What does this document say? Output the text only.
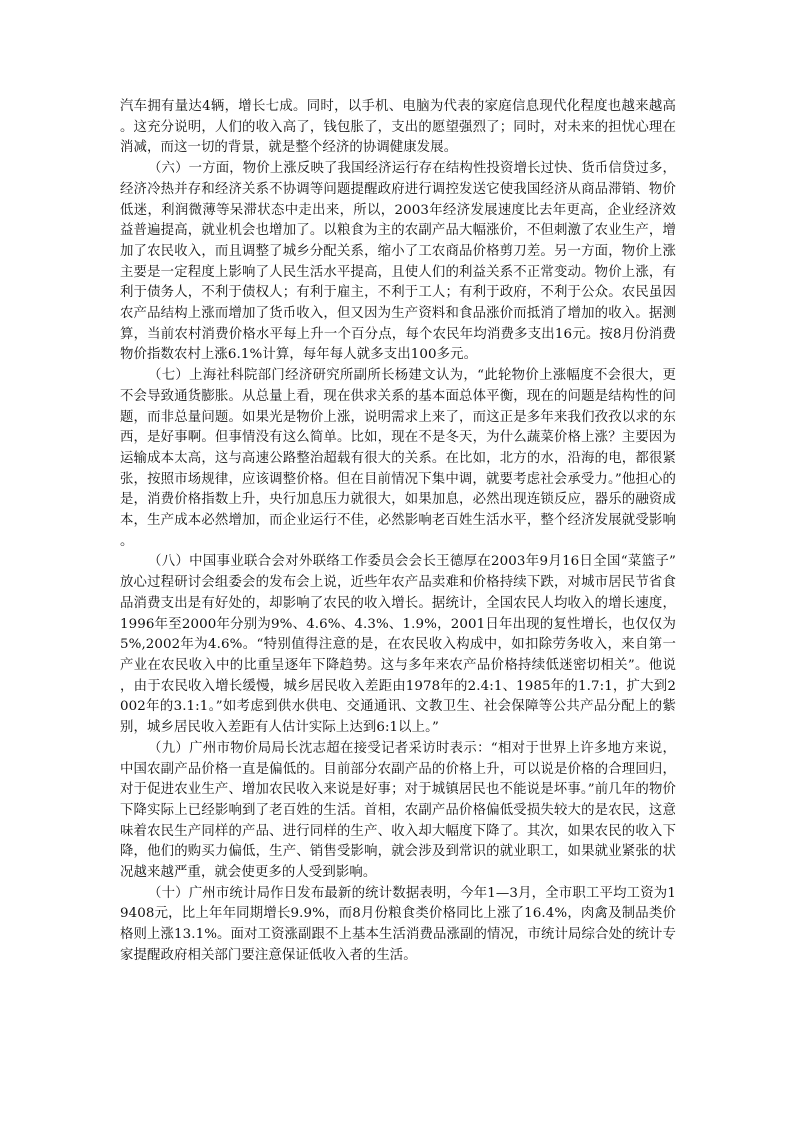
汽车拥有量达4辆，增长七成。同时，以手机、电脑为代表的家庭信息现代化程度也越来越高。这充分说明，人们的收入高了，钱包胀了，支出的愿望强烈了；同时，对未来的担忧心理在消减，而这一切的背景，就是整个经济的协调健康发展。

（六）一方面，物价上涨反映了我国经济运行存在结构性投资增长过快、货币信贷过多，经济冷热并存和经济关系不协调等问题提醒政府进行调控发送它使我国经济从商品滞销、物价低迷，利润微薄等呆滞状态中走出来，所以，2003年经济发展速度比去年更高，企业经济效益普遍提高，就业机会也增加了。以粮食为主的农副产品大幅涨价，不但刺激了农业生产，增加了农民收入，而且调整了城乡分配关系，缩小了工农商品价格剪刀差。另一方面，物价上涨主要是一定程度上影响了人民生活水平提高，且使人们的利益关系不正常变动。物价上涨，有利于债务人，不利于债权人；有利于雇主，不利于工人；有利于政府，不利于公众。农民虽因农产品结构上涨而增加了货币收入，但又因为生产资料和食品涨价而抵消了增加的收入。据测算，当前农村消费价格水平每上升一个百分点，每个农民年均消费多支出16元。按8月份消费物价指数农村上涨6.1%计算，每年每人就多支出100多元。

（七）上海社科院部门经济研究所副所长杨建文认为，“此轮物价上涨幅度不会很大，更不会导致通货膨胀。从总量上看，现在供求关系的基本面总体平衡，现在的问题是结构性的问题，而非总量问题。如果光是物价上涨，说明需求上来了，而这正是多年来我们孜孜以求的东西，是好事啊。但事情没有这么简单。比如，现在不是冬天，为什么蔬菜价格上涨？主要因为运输成本太高，这与高速公路整治超载有很大的关系。在比如，北方的水，沿海的电，都很紧张，按照市场规律，应该调整价格。但在目前情况下集中调，就要考虑社会承受力。”他担心的是，消费价格指数上升，央行加息压力就很大，如果加息，必然出现连锁反应，器乐的融资成本，生产成本必然增加，而企业运行不佳，必然影响老百姓生活水平，整个经济发展就受影响。

（八）中国事业联合会对外联络工作委员会会长王德厚在2003年9月16日全国“菜篮子”放心过程研讨会组委会的发布会上说，近些年农产品卖难和价格持续下跌，对城市居民节省食品消费支出是有好处的，却影响了农民的收入增长。据统计，全国农民人均收入的增长速度，1996年至2000年分别为9%、4.6%、4.3%、1.9%，2001日年出现的复性增长，也仅仅为5%,2002年为4.6%。“特别值得注意的是，在农民收入构成中，如扣除劳务收入，来自第一产业在农民收入中的比重呈逐年下降趋势。这与多年来农产品价格持续低迷密切相关”。他说，由于农民收入增长缓慢，城乡居民收入差距由1978年的2.4:1、1985年的1.7:1，扩大到2002年的3.1:1。”如考虑到供水供电、交通通讯、文教卫生、社会保障等公共产品分配上的紫别，城乡居民收入差距有人估计实际上达到6:1以上。”

（九）广州市物价局局长沈志超在接受记者采访时表示：“相对于世界上许多地方来说，中国农副产品价格一直是偏低的。目前部分农副产品的价格上升，可以说是价格的合理回归，对于促进农业生产、增加农民收入来说是好事；对于城镇居民也不能说是坏事。”前几年的物价下降实际上已经影响到了老百姓的生活。首相，农副产品价格偏低受损失较大的是农民，这意味着农民生产同样的产品、进行同样的生产、收入却大幅度下降了。其次，如果农民的收入下降，他们的购买力偏低，生产、销售受影响，就会涉及到常识的就业职工，如果就业紧张的状况越来越严重，就会使更多的人受到影响。

（十）广州市统计局作日发布最新的统计数据表明，今年1—3月，全市职工平均工资为19408元，比上年年同期增长9.9%，而8月份粮食类价格同比上涨了16.4%，肉禽及制品类价格则上涨13.1%。面对工资涨副跟不上基本生活消费品涨副的情况，市统计局综合处的统计专家提醒政府相关部门要注意保证低收入者的生活。
